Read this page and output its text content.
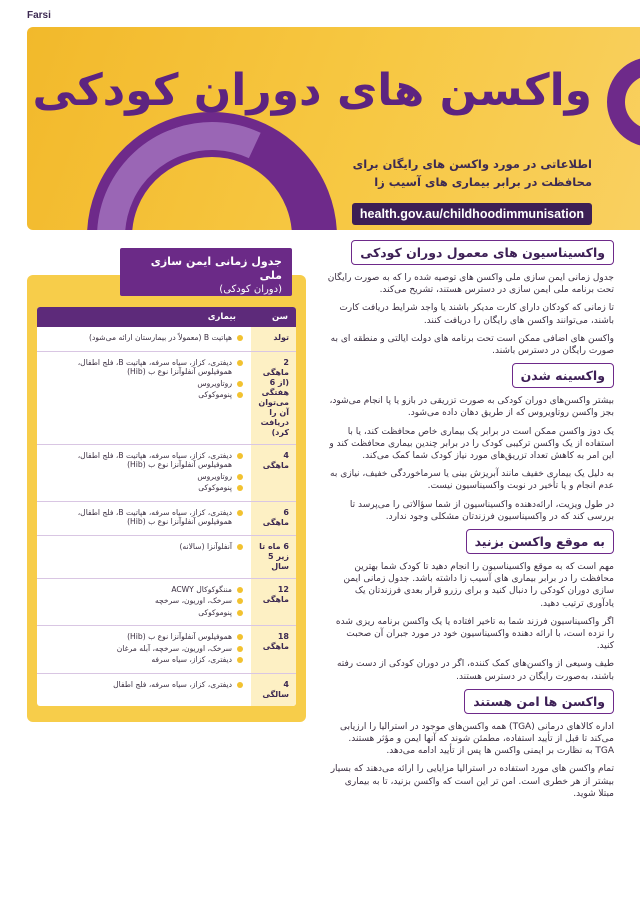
Farsi
واکسن های دوران کودکی
اطلاعاتی در مورد واکسن های رایگان برای محافظت در برابر بیماری های آسیب زا
health.gov.au/childhoodimmunisation
جدول زمانی ایمن سازی ملی
(دوران کودکی)
سن
بیماری
تولد
هپاتیت B (معمولاً در بیمارستان ارائه می‌شود)
2 ماهگی (از 6 هفتگی می‌توان آن را دریافت کرد)
دیفتری، کزاز، سیاه سرفه، هپاتیت B، فلج اطفال، هموفیلوس آنفلوآنزا نوع ب (Hib)
روتاویروس
پنوموکوکی
4 ماهگی
دیفتری، کزاز، سیاه سرفه، هپاتیت B، فلج اطفال، هموفیلوس آنفلوآنزا نوع ب (Hib)
روتاویروس
پنوموکوکی
6 ماهگی
دیفتری، کزاز، سیاه سرفه، هپاتیت B، فلج اطفال، هموفیلوس آنفلوآنزا نوع ب (Hib)
6 ماه تا زیر 5 سال
آنفلوآنزا (سالانه)
12 ماهگی
مننگوکوکال ACWY
سرخک، اوریون، سرخچه
پنوموکوکی
18 ماهگی
هموفیلوس آنفلوآنزا نوع ب (Hib)
سرخک، اوریون، سرخچه، آبله مرغان
دیفتری، کزاز، سیاه سرفه
4 سالگی
دیفتری، کزاز، سیاه سرفه، فلج اطفال
واکسیناسیون های معمول دوران کودکی

جدول زمانی ایمن سازی ملی واکسن های توصیه شده را که به صورت رایگان تحت برنامه ملی ایمن سازی در دسترس هستند، تشریح می‌کند.

تا زمانی که کودکان دارای کارت مدیکر باشند یا واجد شرایط دریافت کارت باشند، می‌توانند واکسن های رایگان را دریافت کنند.

واکسن های اضافی ممکن است تحت برنامه های دولت ایالتی و منطقه ای به صورت رایگان در دسترس باشند.

واکسینه شدن

بیشتر واکسن‌های دوران کودکی به صورت تزریقی در بازو یا پا انجام می‌شود، بجز واکسن روتاویروس که از طریق دهان داده می‌شود.

یک دوز واکسن ممکن است در برابر یک بیماری خاص محافظت کند، یا با استفاده از یک واکسن ترکیبی کودک را در برابر چندین بیماری محافظت کند و این امر به کاهش تعداد تزریق‌های مورد نیاز کودک شما کمک می‌کند.

به دلیل یک بیماری خفیف مانند آبریزش بینی یا سرماخوردگی خفیف، نیازی به عدم انجام و یا تأخیر در نوبت واکسیناسیون نیست.

در طول ویزیت، ارائه‌دهنده واکسیناسیون از شما سؤالاتی را می‌پرسد تا بررسی کند که در واکسیناسیون فرزندتان مشکلی وجود ندارد.

به موقع واکسن بزنید

مهم است که به موقع واکسیناسیون را انجام دهید تا کودک شما بهترین محافظت را در برابر بیماری های آسیب زا داشته باشد. جدول زمانی ایمن سازی دوران کودکی را دنبال کنید و برای رزرو قرار بعدی فرزندتان یک یادآوری ترتیب دهید.

اگر واکسیناسیون فرزند شما به تاخیر افتاده یا یک واکسن برنامه ریزی شده را نزده است، با ارائه دهنده واکسیناسیون خود در مورد جبران آن صحبت کنید.

طیف وسیعی از واکسن‌های کمک کننده، اگر در دوران کودکی از دست رفته باشند، به‌صورت رایگان در دسترس هستند.

واکسن ها امن هستند

اداره کالاهای درمانی (TGA) همه واکسن‌های موجود در استرالیا را ارزیابی می‌کند تا قبل از تأیید استفاده، مطمئن شوند که آنها ایمن و مؤثر هستند. TGA به نظارت بر ایمنی واکسن ها پس از تأیید ادامه می‌دهد.

تمام واکسن های مورد استفاده در استرالیا مزایایی را ارائه می‌دهند که بسیار بیشتر از هر خطری است. امن تر این است که واکسن بزنید، تا به بیماری مبتلا شوید.
